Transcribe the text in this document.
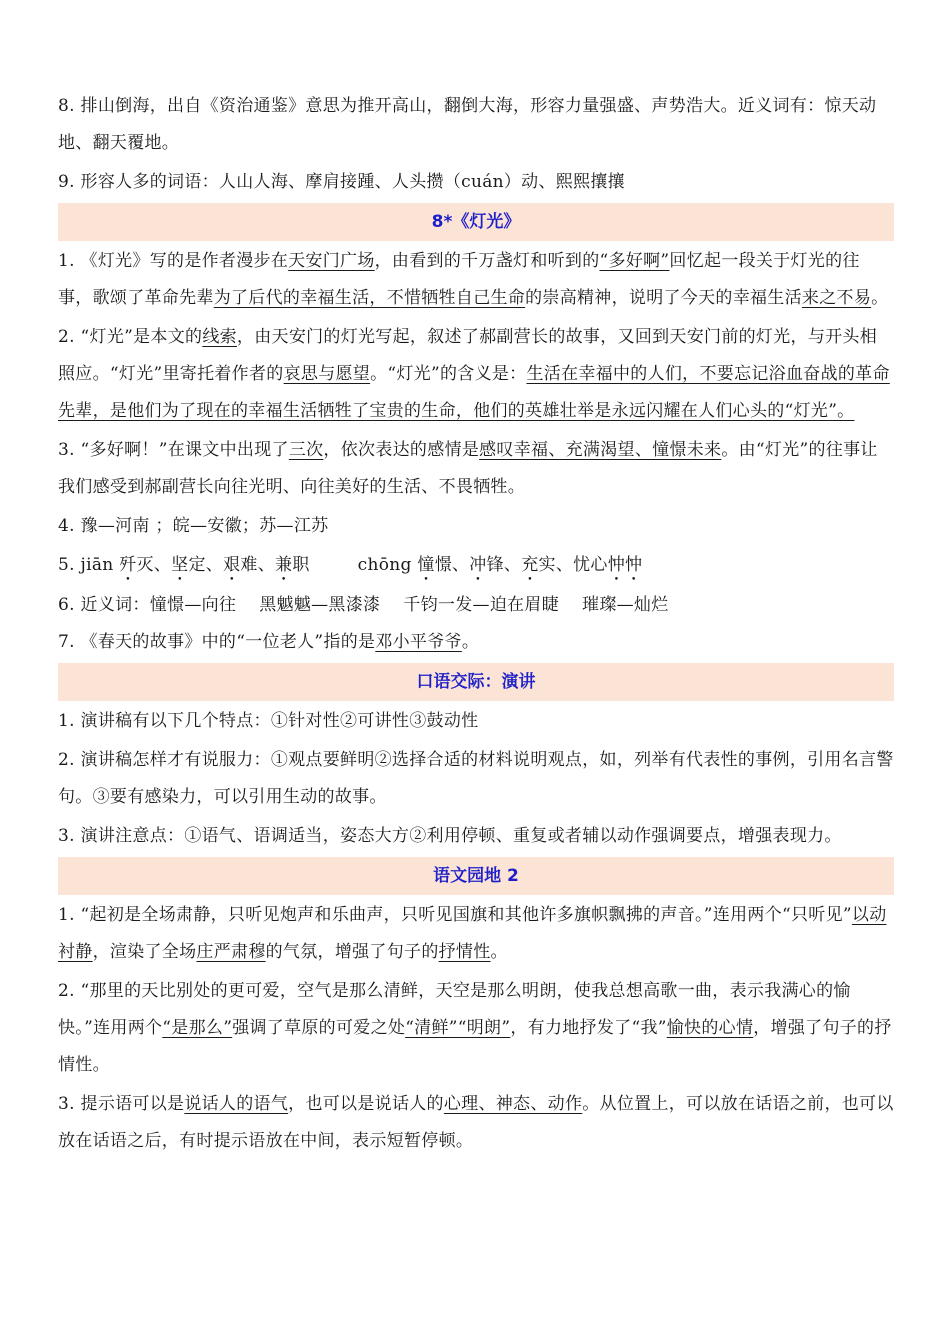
8. 排山倒海，出自《资治通鉴》意思为推开高山，翻倒大海，形容力量强盛、声势浩大。近义词有：惊天动地、翻天覆地。

9. 形容人多的词语：人山人海、摩肩接踵、人头攒（cuán）动、熙熙攘攘

8*《灯光》

1. 《灯光》写的是作者漫步在天安门广场，由看到的千万盏灯和听到的“多好啊”回忆起一段关于灯光的往事，歌颂了革命先辈为了后代的幸福生活，不惜牺牲自己生命的崇高精神，说明了今天的幸福生活来之不易。

2. “灯光”是本文的线索，由天安门的灯光写起，叙述了郝副营长的故事，又回到天安门前的灯光，与开头相照应。“灯光”里寄托着作者的哀思与愿望。“灯光”的含义是：生活在幸福中的人们，不要忘记浴血奋战的革命先辈，是他们为了现在的幸福生活牺牲了宝贵的生命，他们的英雄壮举是永远闪耀在人们心头的“灯光”。

3. “多好啊！”在课文中出现了三次，依次表达的感情是感叹幸福、充满渴望、憧憬未来。由“灯光”的往事让我们感受到郝副营长向往光明、向往美好的生活、不畏牺牲。

4. 豫—河南 ；皖—安徽；苏—江苏

5. jiān 歼灭、坚定、艰难、兼职	chōng 憧憬、冲锋、充实、忧心忡忡

6. 近义词：憧憬—向往　 黑魆魆—黑漆漆　 千钧一发—迫在眉睫　 璀璨—灿烂

7. 《春天的故事》中的“一位老人”指的是邓小平爷爷。

口语交际：演讲

1. 演讲稿有以下几个特点：①针对性②可讲性③鼓动性

2. 演讲稿怎样才有说服力：①观点要鲜明②选择合适的材料说明观点，如，列举有代表性的事例，引用名言警句。③要有感染力，可以引用生动的故事。

3. 演讲注意点：①语气、语调适当，姿态大方②利用停顿、重复或者辅以动作强调要点，增强表现力。

语文园地 2

1. “起初是全场肃静，只听见炮声和乐曲声，只听见国旗和其他许多旗帜飘拂的声音。”连用两个“只听见”以动衬静，渲染了全场庄严肃穆的气氛，增强了句子的抒情性。

2. “那里的天比别处的更可爱，空气是那么清鲜，天空是那么明朗，使我总想高歌一曲，表示我满心的愉快。”连用两个“是那么”强调了草原的可爱之处“清鲜”“明朗”，有力地抒发了“我”愉快的心情，增强了句子的抒情性。

3. 提示语可以是说话人的语气，也可以是说话人的心理、神态、动作。从位置上，可以放在话语之前，也可以放在话语之后，有时提示语放在中间，表示短暂停顿。
